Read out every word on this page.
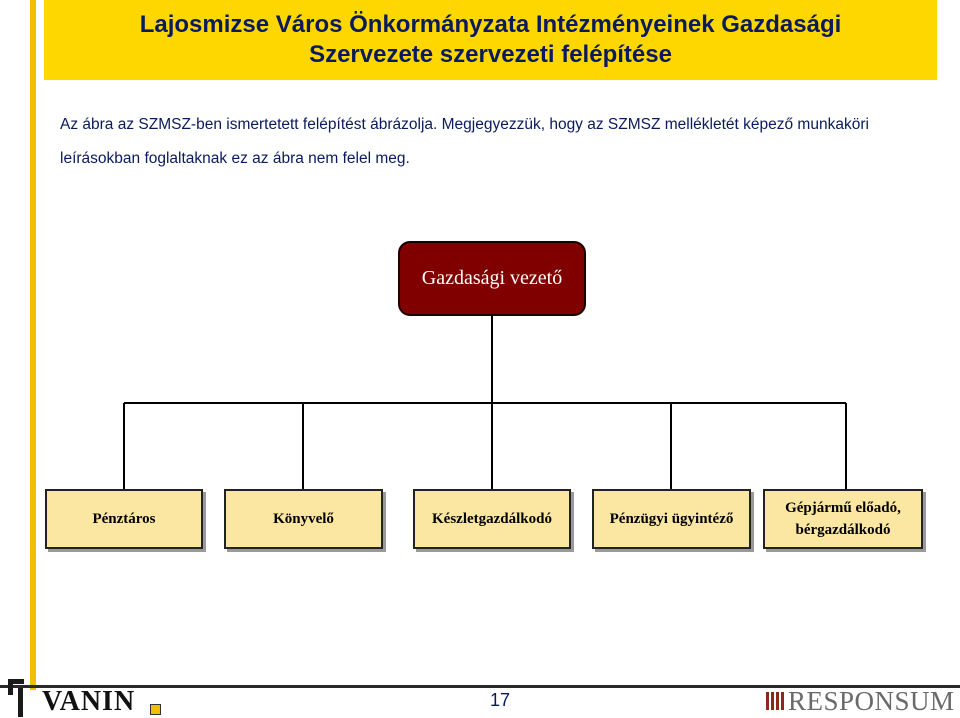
Lajosmizse Város Önkormányzata Intézményeinek Gazdasági
Szervezete szervezeti felépítése
Az ábra az SZMSZ-ben ismertetett felépítést ábrázolja. Megjegyezzük, hogy az SZMSZ mellékletét képező munkaköri
leírásokban foglaltaknak ez az ábra nem felel meg.
Gazdasági vezető
Pénztáros	Könyvelő	Készletgazdálkodó	Pénzügyi ügyintéző
Gépjármű előadó,
bérgazdálkodó
VANIN	17	RESPONSUM
